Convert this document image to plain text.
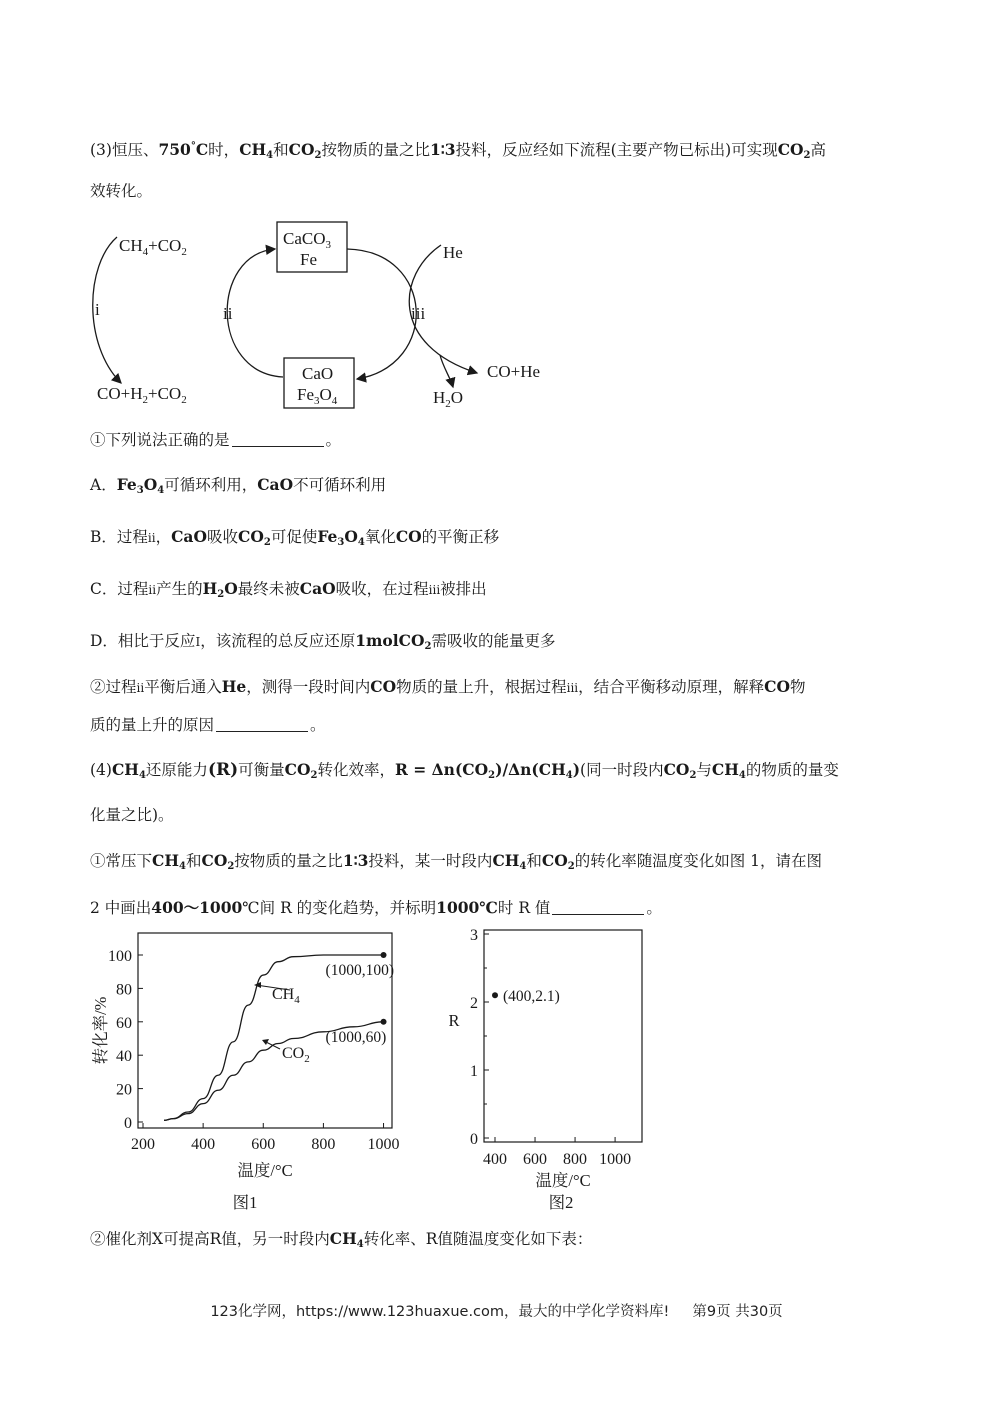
(3)恒压、750°C时，$CH_4$和$CO_2$按物质的量之比1∶3投料，反应经如下流程(主要产物已标出)可实现$CO_2$高
效转化。
$CH_4+CO_2$
i
$CO+H_2+CO_2$
ii
CaCO$_3$
Fe
CaO
$Fe_3O_4$
iii
He
CO+He
$H_2O$
①下列说法正确的是	。
A．$Fe_3O_4$可循环利用，CaO不可循环利用
B．过程ii，CaO吸收$CO_2$可促使$Fe_3O_4$氧化CO的平衡正移
C．过程ii产生的$H_2O$最终未被CaO吸收，在过程iii被排出
D．相比于反应I，该流程的总反应还原1molCO$_2$需吸收的能量更多
②过程ii平衡后通入He，测得一段时间内CO物质的量上升，根据过程iii，结合平衡移动原理，解释CO物
质的量上升的原因	。
$(4)CH_4$还原能力(R)可衡量$CO_2$转化效率，$R = \Delta n(CO_2)/\Delta n(CH_4)$(同一时段内$CO_2$与$CH_4$的物质的量变
化量之比)。
①常压下$CH_4$和$CO_2$按物质的量之比1∶3投料，某一时段内$CH_4$和$CO_2$的转化率随温度变化如图 1，请在图
2 中画出400～1000℃间 R 的变化趋势，并标明1000℃时 R 值	。
200 400 600 800 1000
0
20
40
60
80
100
(1000,100)
(1000,60)
$CH_4$
$CO_2$
温度/°C
转化率/%
图1
400 600 800 1000
0
1
2
3
(400,2.1)
温度/°C
R
图2
②催化剂X可提高R值，另一时段内$CH_4$转化率、R值随温度变化如下表：
123化学网，https://www.123huaxue.com，最大的中学化学资料库! 第9页 共30页
